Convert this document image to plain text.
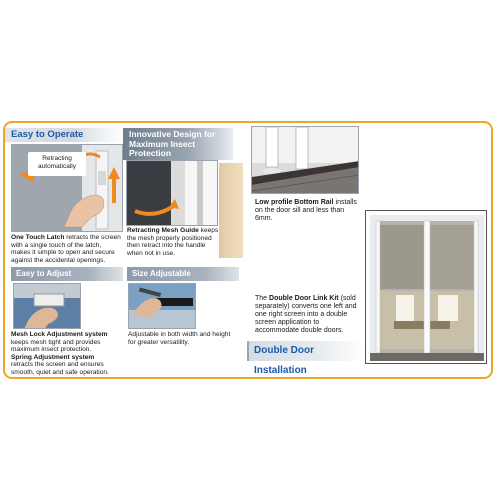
Easy to Operate
Retracting
automatically
One Touch Latch retracts the screen with a single touch of the latch, makes it simple to open and secure against the accidental openings.
Innovative Design for
Maximum Insect Protection
Retracting Mesh Guide keeps the mesh properly positioned then retract into the handle when not in use.
Low profile Bottom Rail installs on the door sill and less than 6mm.
Easy to Adjust
Mesh Lock Adjustment system
keeps mesh tight and provides maximum insect protection.
Spring Adjustment system
retracts the screen and ensures smooth, quiet and safe operation.
Size Adjustable
Adjustable in both width and height for greater versatility.
The Double Door Link Kit (sold separately) converts one left and one right screen into a double screen application to accommodate double doors.
Double Door Installation
